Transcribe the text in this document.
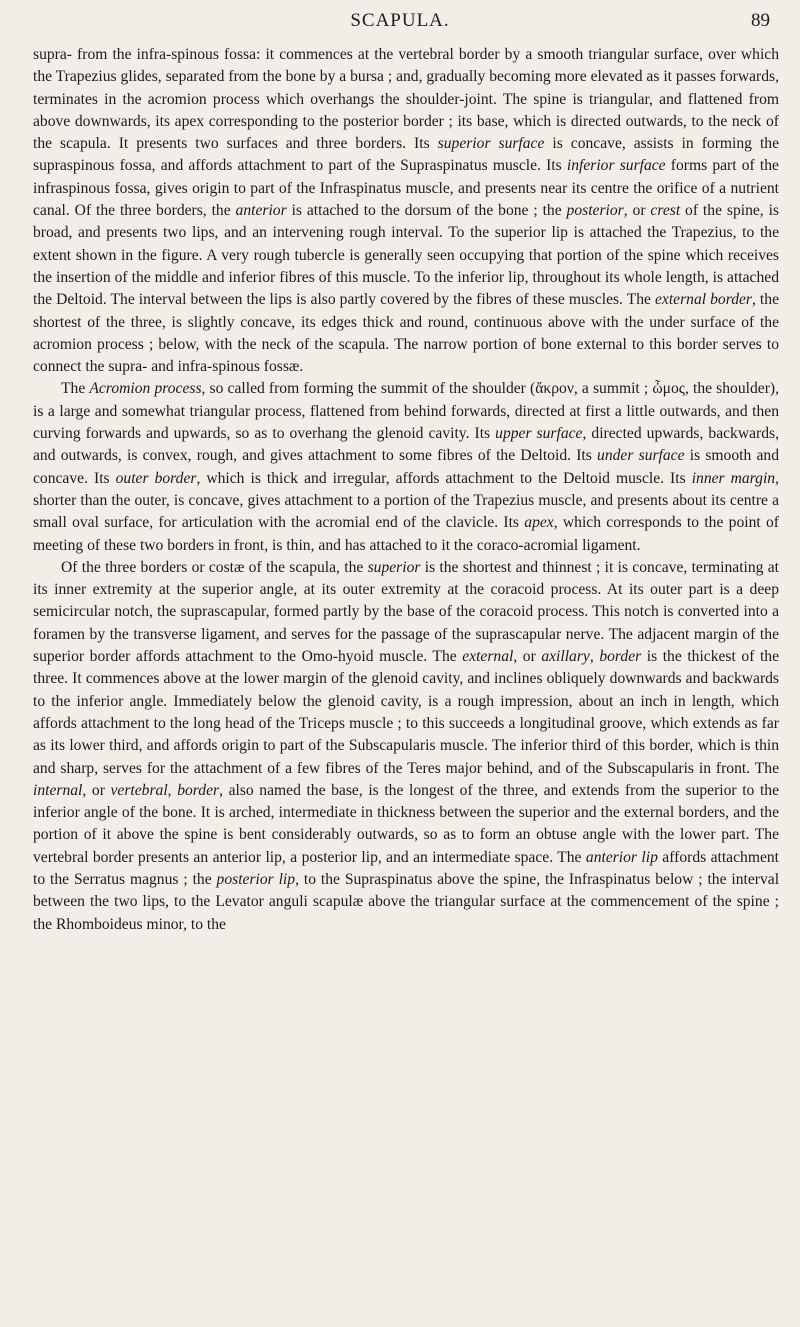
SCAPULA.	89

supra- from the infra-spinous fossa: it commences at the vertebral border by a smooth triangular surface, over which the Trapezius glides, separated from the bone by a bursa ; and, gradually becoming more elevated as it passes forwards, terminates in the acromion process which overhangs the shoulder-joint. The spine is triangular, and flattened from above downwards, its apex corresponding to the posterior border ; its base, which is directed outwards, to the neck of the scapula. It presents two surfaces and three borders. Its superior surface is concave, assists in forming the supraspinous fossa, and affords attachment to part of the Supraspinatus muscle. Its inferior surface forms part of the infraspinous fossa, gives origin to part of the Infraspinatus muscle, and presents near its centre the orifice of a nutrient canal. Of the three borders, the anterior is attached to the dorsum of the bone ; the posterior, or crest of the spine, is broad, and presents two lips, and an intervening rough interval. To the superior lip is attached the Trapezius, to the extent shown in the figure. A very rough tubercle is generally seen occupying that portion of the spine which receives the insertion of the middle and inferior fibres of this muscle. To the inferior lip, throughout its whole length, is attached the Deltoid. The interval between the lips is also partly covered by the fibres of these muscles. The external border, the shortest of the three, is slightly concave, its edges thick and round, continuous above with the under surface of the acromion process ; below, with the neck of the scapula. The narrow portion of bone external to this border serves to connect the supra- and infra-spinous fossæ.

The Acromion process, so called from forming the summit of the shoulder (ἄκρον, a summit ; ὦμος, the shoulder), is a large and somewhat triangular process, flattened from behind forwards, directed at first a little outwards, and then curving forwards and upwards, so as to overhang the glenoid cavity. Its upper surface, directed upwards, backwards, and outwards, is convex, rough, and gives attachment to some fibres of the Deltoid. Its under surface is smooth and concave. Its outer border, which is thick and irregular, affords attachment to the Deltoid muscle. Its inner margin, shorter than the outer, is concave, gives attachment to a portion of the Trapezius muscle, and presents about its centre a small oval surface, for articulation with the acromial end of the clavicle. Its apex, which corresponds to the point of meeting of these two borders in front, is thin, and has attached to it the coraco-acromial ligament.

Of the three borders or costæ of the scapula, the superior is the shortest and thinnest ; it is concave, terminating at its inner extremity at the superior angle, at its outer extremity at the coracoid process. At its outer part is a deep semicircular notch, the suprascapular, formed partly by the base of the coracoid process. This notch is converted into a foramen by the transverse ligament, and serves for the passage of the suprascapular nerve. The adjacent margin of the superior border affords attachment to the Omo-hyoid muscle. The external, or axillary, border is the thickest of the three. It commences above at the lower margin of the glenoid cavity, and inclines obliquely downwards and backwards to the inferior angle. Immediately below the glenoid cavity, is a rough impression, about an inch in length, which affords attachment to the long head of the Triceps muscle ; to this succeeds a longitudinal groove, which extends as far as its lower third, and affords origin to part of the Subscapularis muscle. The inferior third of this border, which is thin and sharp, serves for the attachment of a few fibres of the Teres major behind, and of the Subscapularis in front. The internal, or vertebral, border, also named the base, is the longest of the three, and extends from the superior to the inferior angle of the bone. It is arched, intermediate in thickness between the superior and the external borders, and the portion of it above the spine is bent considerably outwards, so as to form an obtuse angle with the lower part. The vertebral border presents an anterior lip, a posterior lip, and an intermediate space. The anterior lip affords attachment to the Serratus magnus ; the posterior lip, to the Supraspinatus above the spine, the Infraspinatus below ; the interval between the two lips, to the Levator anguli scapulæ above the triangular surface at the commencement of the spine ; the Rhomboideus minor, to the
